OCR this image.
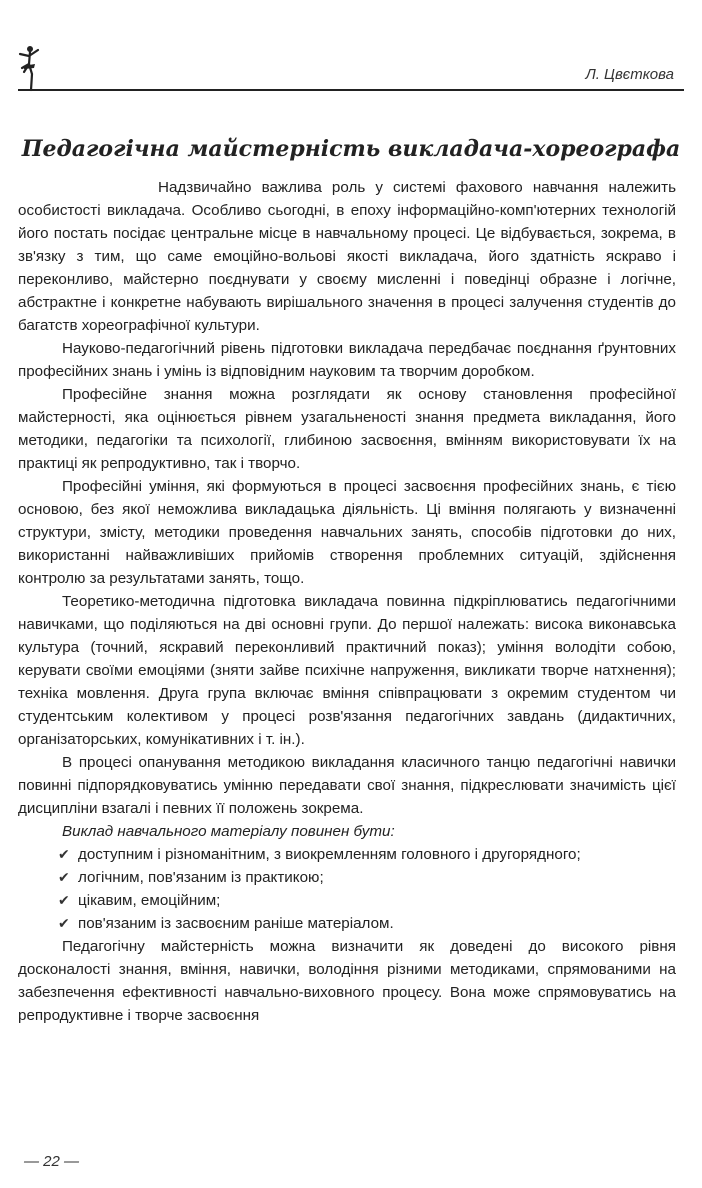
Л. Цвєткова
Педагогічна майстерність викладача-хореографа

Надзвичайно важлива роль у системі фахового навчання належить особистості викладача. Особливо сьогодні, в епоху інформаційно-комп'ютерних технологій його постать посідає центральне місце в навчальному процесі. Це відбувається, зокрема, в зв'язку з тим, що саме емоційно-вольові якості викладача, його здатність яскраво і переконливо, майстерно поєднувати у своєму мисленні і поведінці образне і логічне, абстрактне і конкретне набувають вирішального значення в процесі залучення студентів до багатств хореографічної культури.

Науково-педагогічний рівень підготовки викладача передбачає поєднання ґрунтовних професійних знань і умінь із відповідним науковим та творчим доробком.

Професійне знання можна розглядати як основу становлення професійної майстерності, яка оцінюється рівнем узагальненості знання предмета викладання, його методики, педагогіки та психології, глибиною засвоєння, вмінням використовувати їх на практиці як репродуктивно, так і творчо.

Професійні уміння, які формуються в процесі засвоєння професійних знань, є тією основою, без якої неможлива викладацька діяльність. Ці вміння полягають у визначенні структури, змісту, методики проведення навчальних занять, способів підготовки до них, використанні найважливіших прийомів створення проблемних ситуацій, здійснення контролю за результатами занять, тощо.

Теоретико-методична підготовка викладача повинна підкріплюватись педагогічними навичками, що поділяються на дві основні групи. До першої належать: висока виконавська культура (точний, яскравий переконливий практичний показ); уміння володіти собою, керувати своїми емоціями (зняти зайве психічне напруження, викликати творче натхнення); техніка мовлення. Друга група включає вміння співпрацювати з окремим студентом чи студентським колективом у процесі розв'язання педагогічних завдань (дидактичних, організаторських, комунікативних і т. ін.).

В процесі опанування методикою викладання класичного танцю педагогічні навички повинні підпорядковуватись умінню передавати свої знання, підкреслювати значимість цієї дисципліни взагалі і певних її положень зокрема.

Виклад навчального матеріалу повинен бути:
✔ доступним і різноманітним, з виокремленням головного і другорядного;
✔ логічним, пов'язаним із практикою;
✔ цікавим, емоційним;
✔ пов'язаним із засвоєним раніше матеріалом.

Педагогічну майстерність можна визначити як доведені до високого рівня досконалості знання, вміння, навички, володіння різними методиками, спрямованими на забезпечення ефективності навчально-виховного процесу. Вона може спрямовуватись на репродуктивне і творче засвоєння

— 22 —
